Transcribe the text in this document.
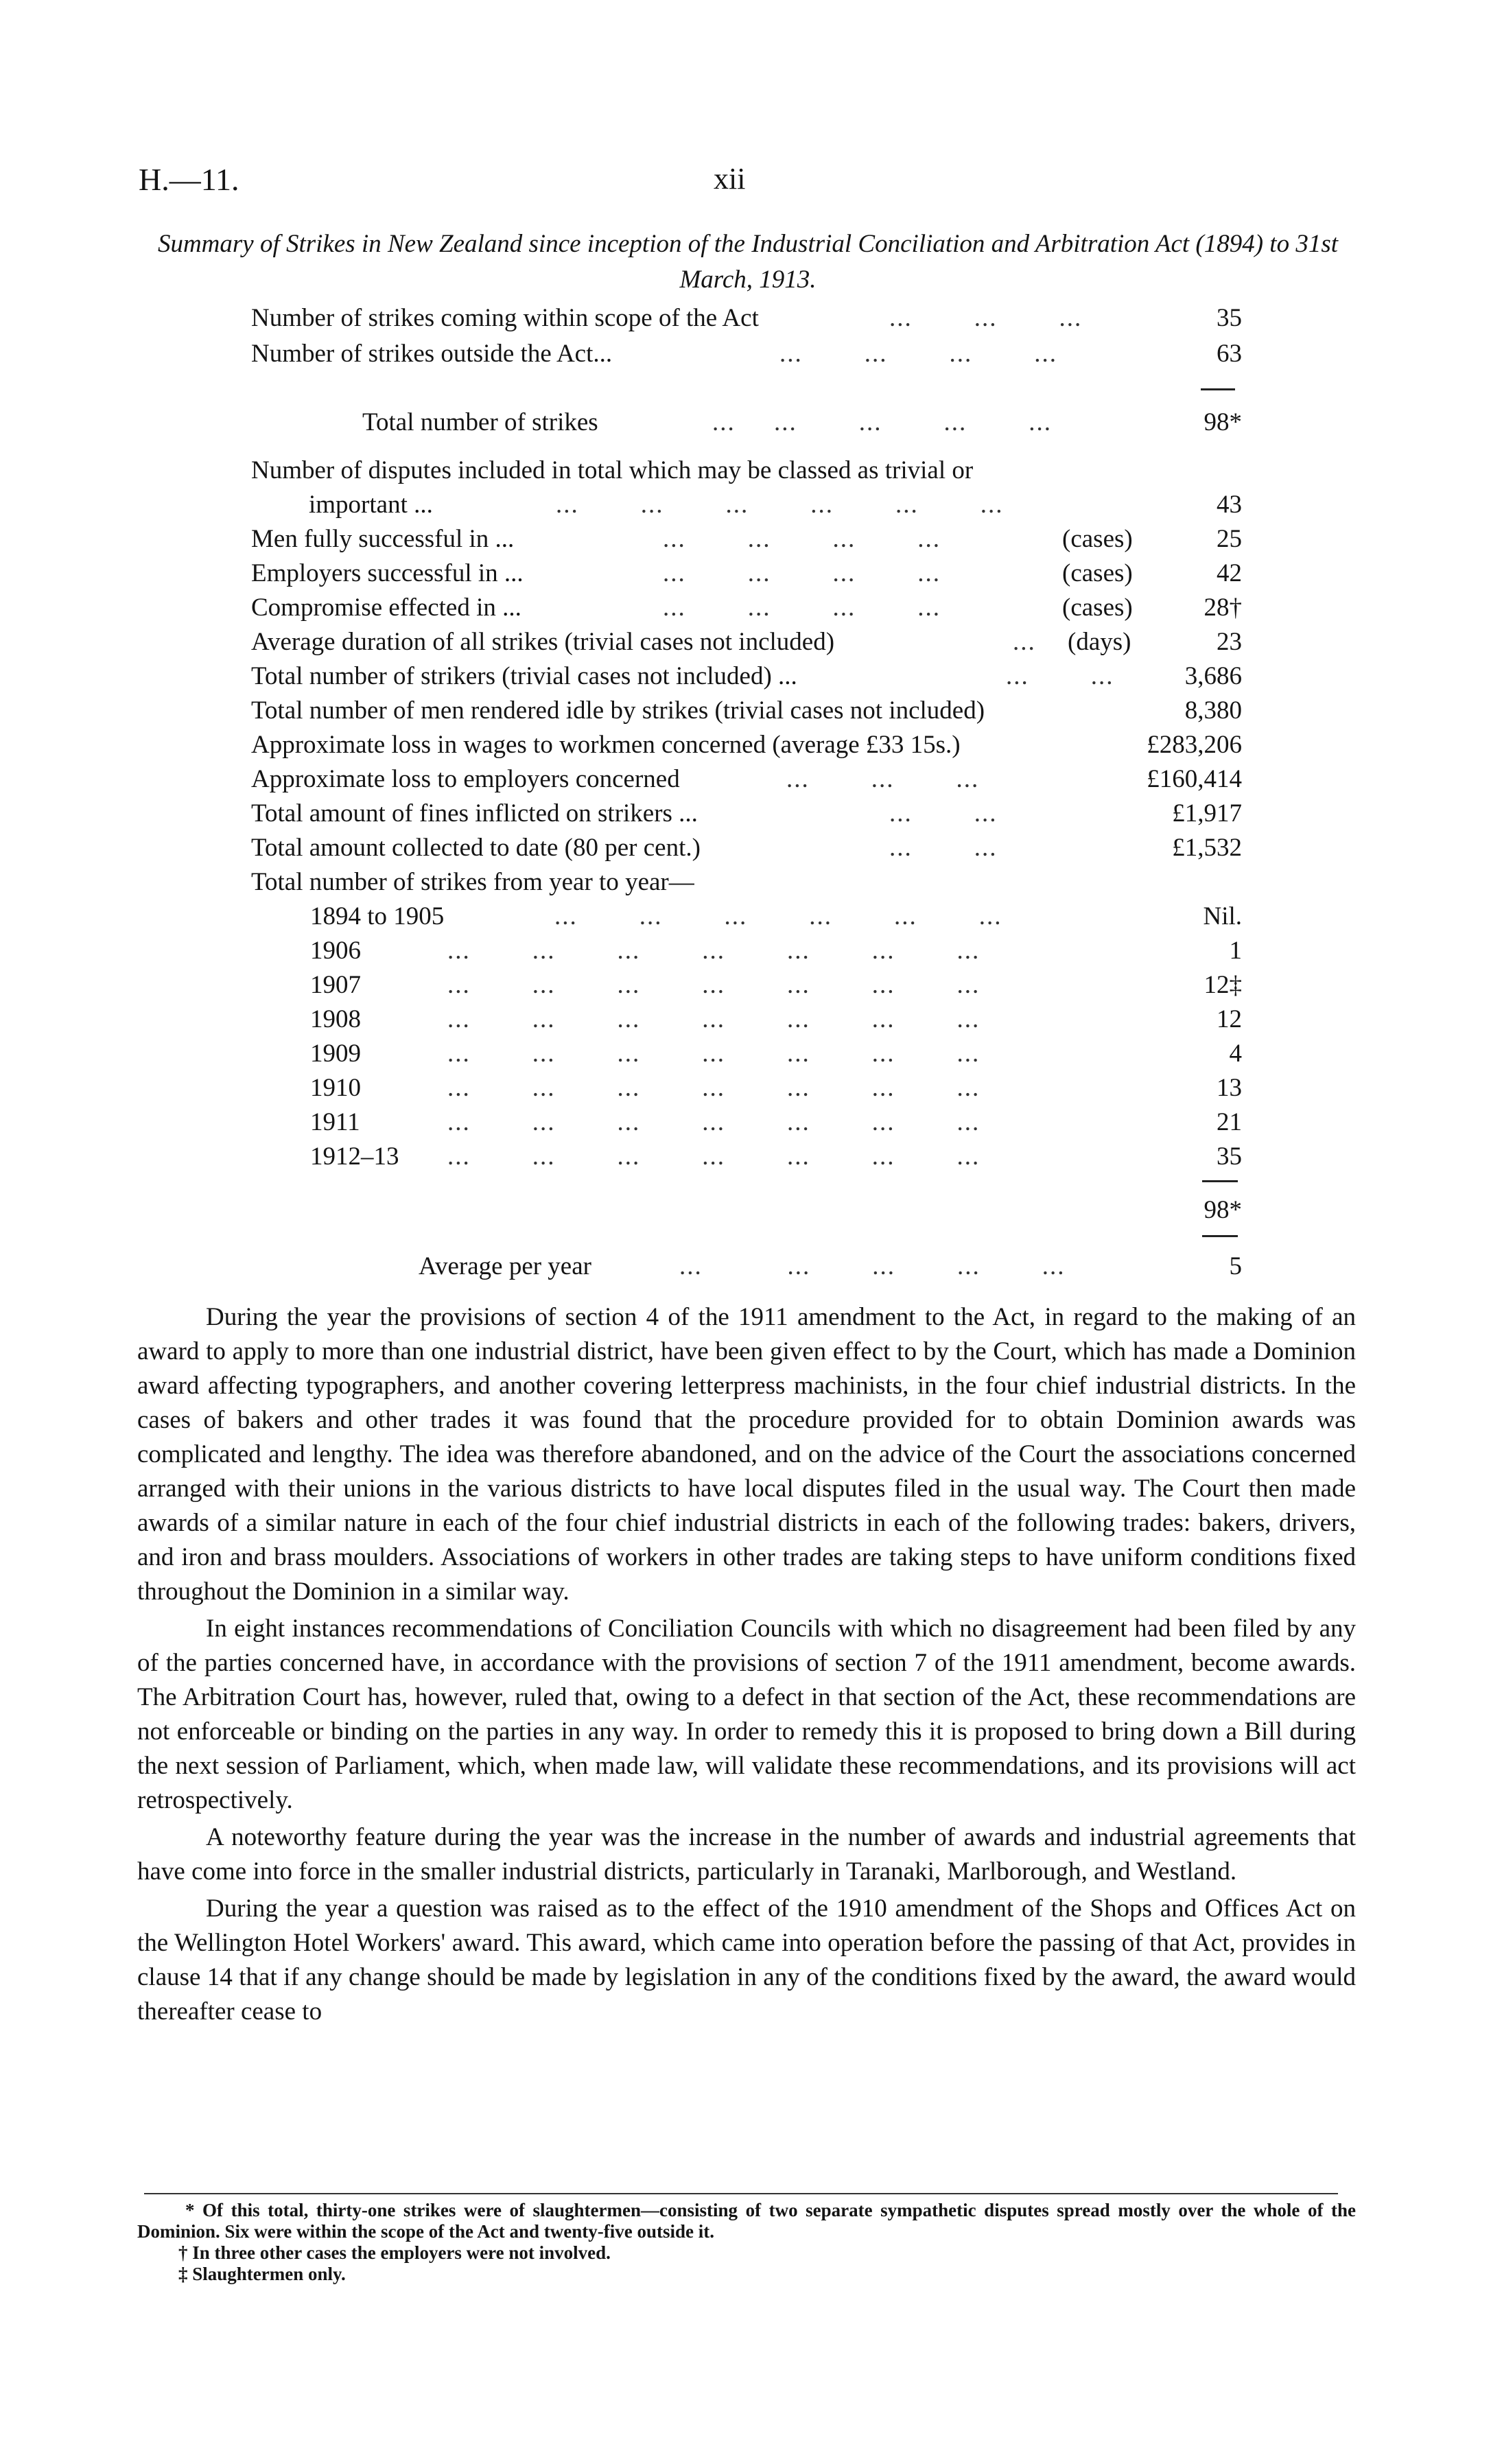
H.—11.	xii
Summary of Strikes in New Zealand since inception of the Industrial Conciliation and Arbitration Act (1894) to 31st March, 1913.
Number of strikes coming within scope of the Act	...        ...        ...	35
Number of strikes outside the Act...	...        ...        ...        ...	63
Total number of strikes	...     ...        ...        ...        ...	98*
Number of disputes included in total which may be classed as trivial or
important ...	...        ...        ...        ...        ...        ...	43
Men fully successful in ...	...        ...        ...        ...	(cases)	25
Employers successful in ...	...        ...        ...        ...	(cases)	42
Compromise effected in ...	...        ...        ...        ...	(cases)	28†
Average duration of all strikes (trivial cases not included)	... (days)	23
Total number of strikers (trivial cases not included) ...	...        ...	3,686
Total number of men rendered idle by strikes (trivial cases not included)	8,380
Approximate loss in wages to workmen concerned (average £33 15s.)	£283,206
Approximate loss to employers concerned	...        ...        ...	£160,414
Total amount of fines inflicted on strikers ...	...        ...	£1,917
Total amount collected to date (80 per cent.)	...        ...	£1,532
Total number of strikes from year to year—
1894 to 1905	...        ...        ...        ...        ...        ...	Nil.
1906	...        ...        ...        ...        ...        ...        ...	1
1907	...        ...        ...        ...        ...        ...        ...	12‡
1908	...        ...        ...        ...        ...        ...        ...	12
1909	...        ...        ...        ...        ...        ...        ...	4
1910	...        ...        ...        ...        ...        ...        ...	13
1911	...        ...        ...        ...        ...        ...        ...	21
1912–13 ...        ...        ...        ...        ...        ...        ...	35
98*
Average per year	...           ...        ...        ...        ...	5

During the year the provisions of section 4 of the 1911 amendment to the Act, in regard to the making of an award to apply to more than one industrial district, have been given effect to by the Court, which has made a Dominion award affecting typographers, and another covering letterpress machinists, in the four chief industrial districts. In the cases of bakers and other trades it was found that the procedure provided for to obtain Dominion awards was complicated and lengthy. The idea was therefore abandoned, and on the advice of the Court the associations concerned arranged with their unions in the various districts to have local disputes filed in the usual way. The Court then made awards of a similar nature in each of the four chief industrial districts in each of the following trades: bakers, drivers, and iron and brass moulders. Associations of workers in other trades are taking steps to have uniform conditions fixed throughout the Dominion in a similar way.

In eight instances recommendations of Conciliation Councils with which no disagreement had been filed by any of the parties concerned have, in accordance with the provisions of section 7 of the 1911 amendment, become awards. The Arbitration Court has, however, ruled that, owing to a defect in that section of the Act, these recommendations are not enforceable or binding on the parties in any way. In order to remedy this it is proposed to bring down a Bill during the next session of Parliament, which, when made law, will validate these recommendations, and its provisions will act retrospectively.

A noteworthy feature during the year was the increase in the number of awards and industrial agreements that have come into force in the smaller industrial districts, particularly in Taranaki, Marlborough, and Westland.

During the year a question was raised as to the effect of the 1910 amendment of the Shops and Offices Act on the Wellington Hotel Workers' award. This award, which came into operation before the passing of that Act, provides in clause 14 that if any change should be made by legislation in any of the conditions fixed by the award, the award would thereafter cease to

* Of this total, thirty-one strikes were of slaughtermen—consisting of two separate sympathetic disputes spread mostly over the whole of the Dominion. Six were within the scope of the Act and twenty-five outside it.

† In three other cases the employers were not involved.

‡ Slaughtermen only.
